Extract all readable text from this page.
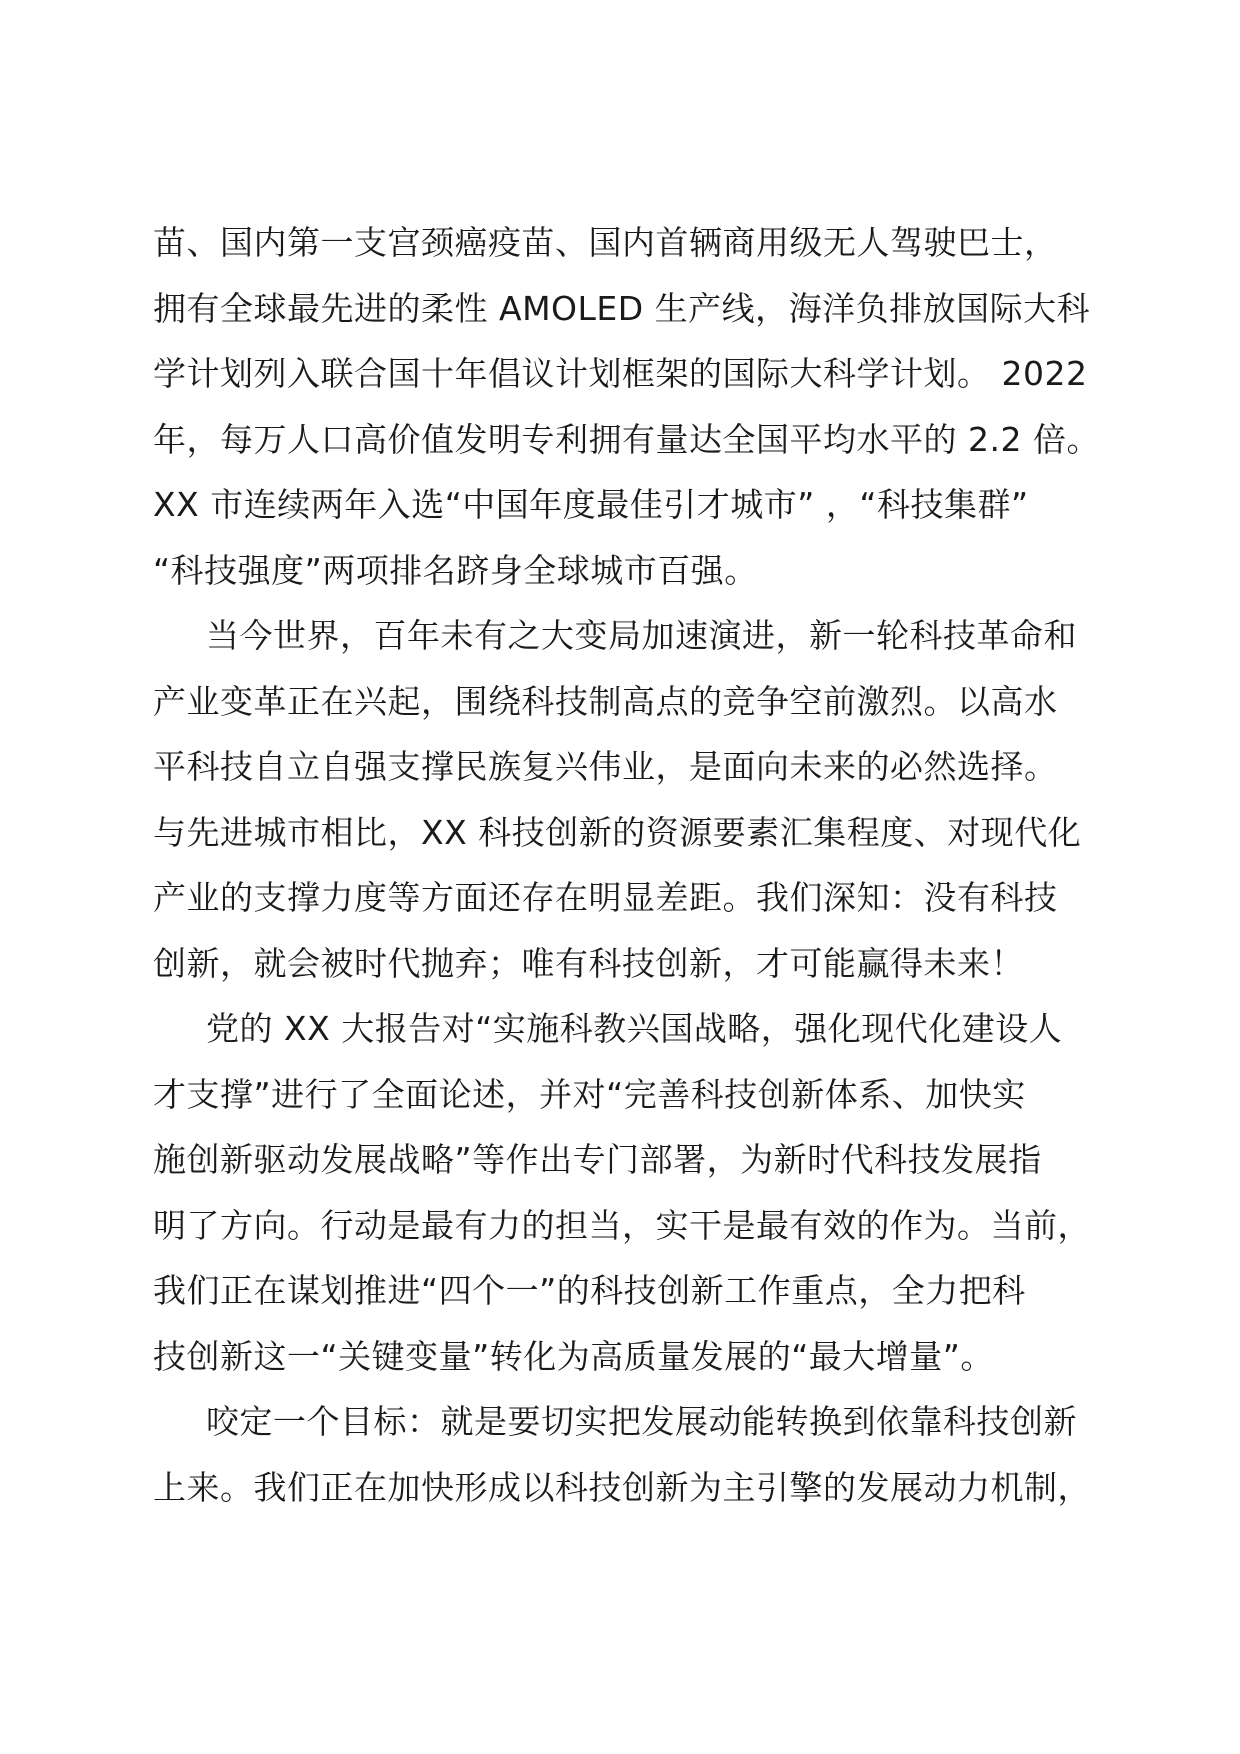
苗、国内第一支宫颈癌疫苗、国内首辆商用级无人驾驶巴士，
拥有全球最先进的柔性 AMOLED 生产线，海洋负排放国际大科
学计划列入联合国十年倡议计划框架的国际大科学计划。 2022
年，每万人口高价值发明专利拥有量达全国平均水平的 2.2 倍。
XX 市连续两年入选“中国年度最佳引才城市” ，“科技集群”
“科技强度”两项排名跻身全球城市百强。
当今世界，百年未有之大变局加速演进，新一轮科技革命和
产业变革正在兴起，围绕科技制高点的竞争空前激烈。以高水
平科技自立自强支撑民族复兴伟业，是面向未来的必然选择。
与先进城市相比，XX 科技创新的资源要素汇集程度、对现代化
产业的支撑力度等方面还存在明显差距。我们深知：没有科技
创新，就会被时代抛弃；唯有科技创新，才可能赢得未来！
党的 XX 大报告对“实施科教兴国战略，强化现代化建设人
才支撑”进行了全面论述，并对“完善科技创新体系、加快实
施创新驱动发展战略”等作出专门部署，为新时代科技发展指
明了方向。行动是最有力的担当，实干是最有效的作为。当前，
我们正在谋划推进“四个一”的科技创新工作重点，全力把科
技创新这一“关键变量”转化为高质量发展的“最大增量”。
咬定一个目标：就是要切实把发展动能转换到依靠科技创新
上来。我们正在加快形成以科技创新为主引擎的发展动力机制，
